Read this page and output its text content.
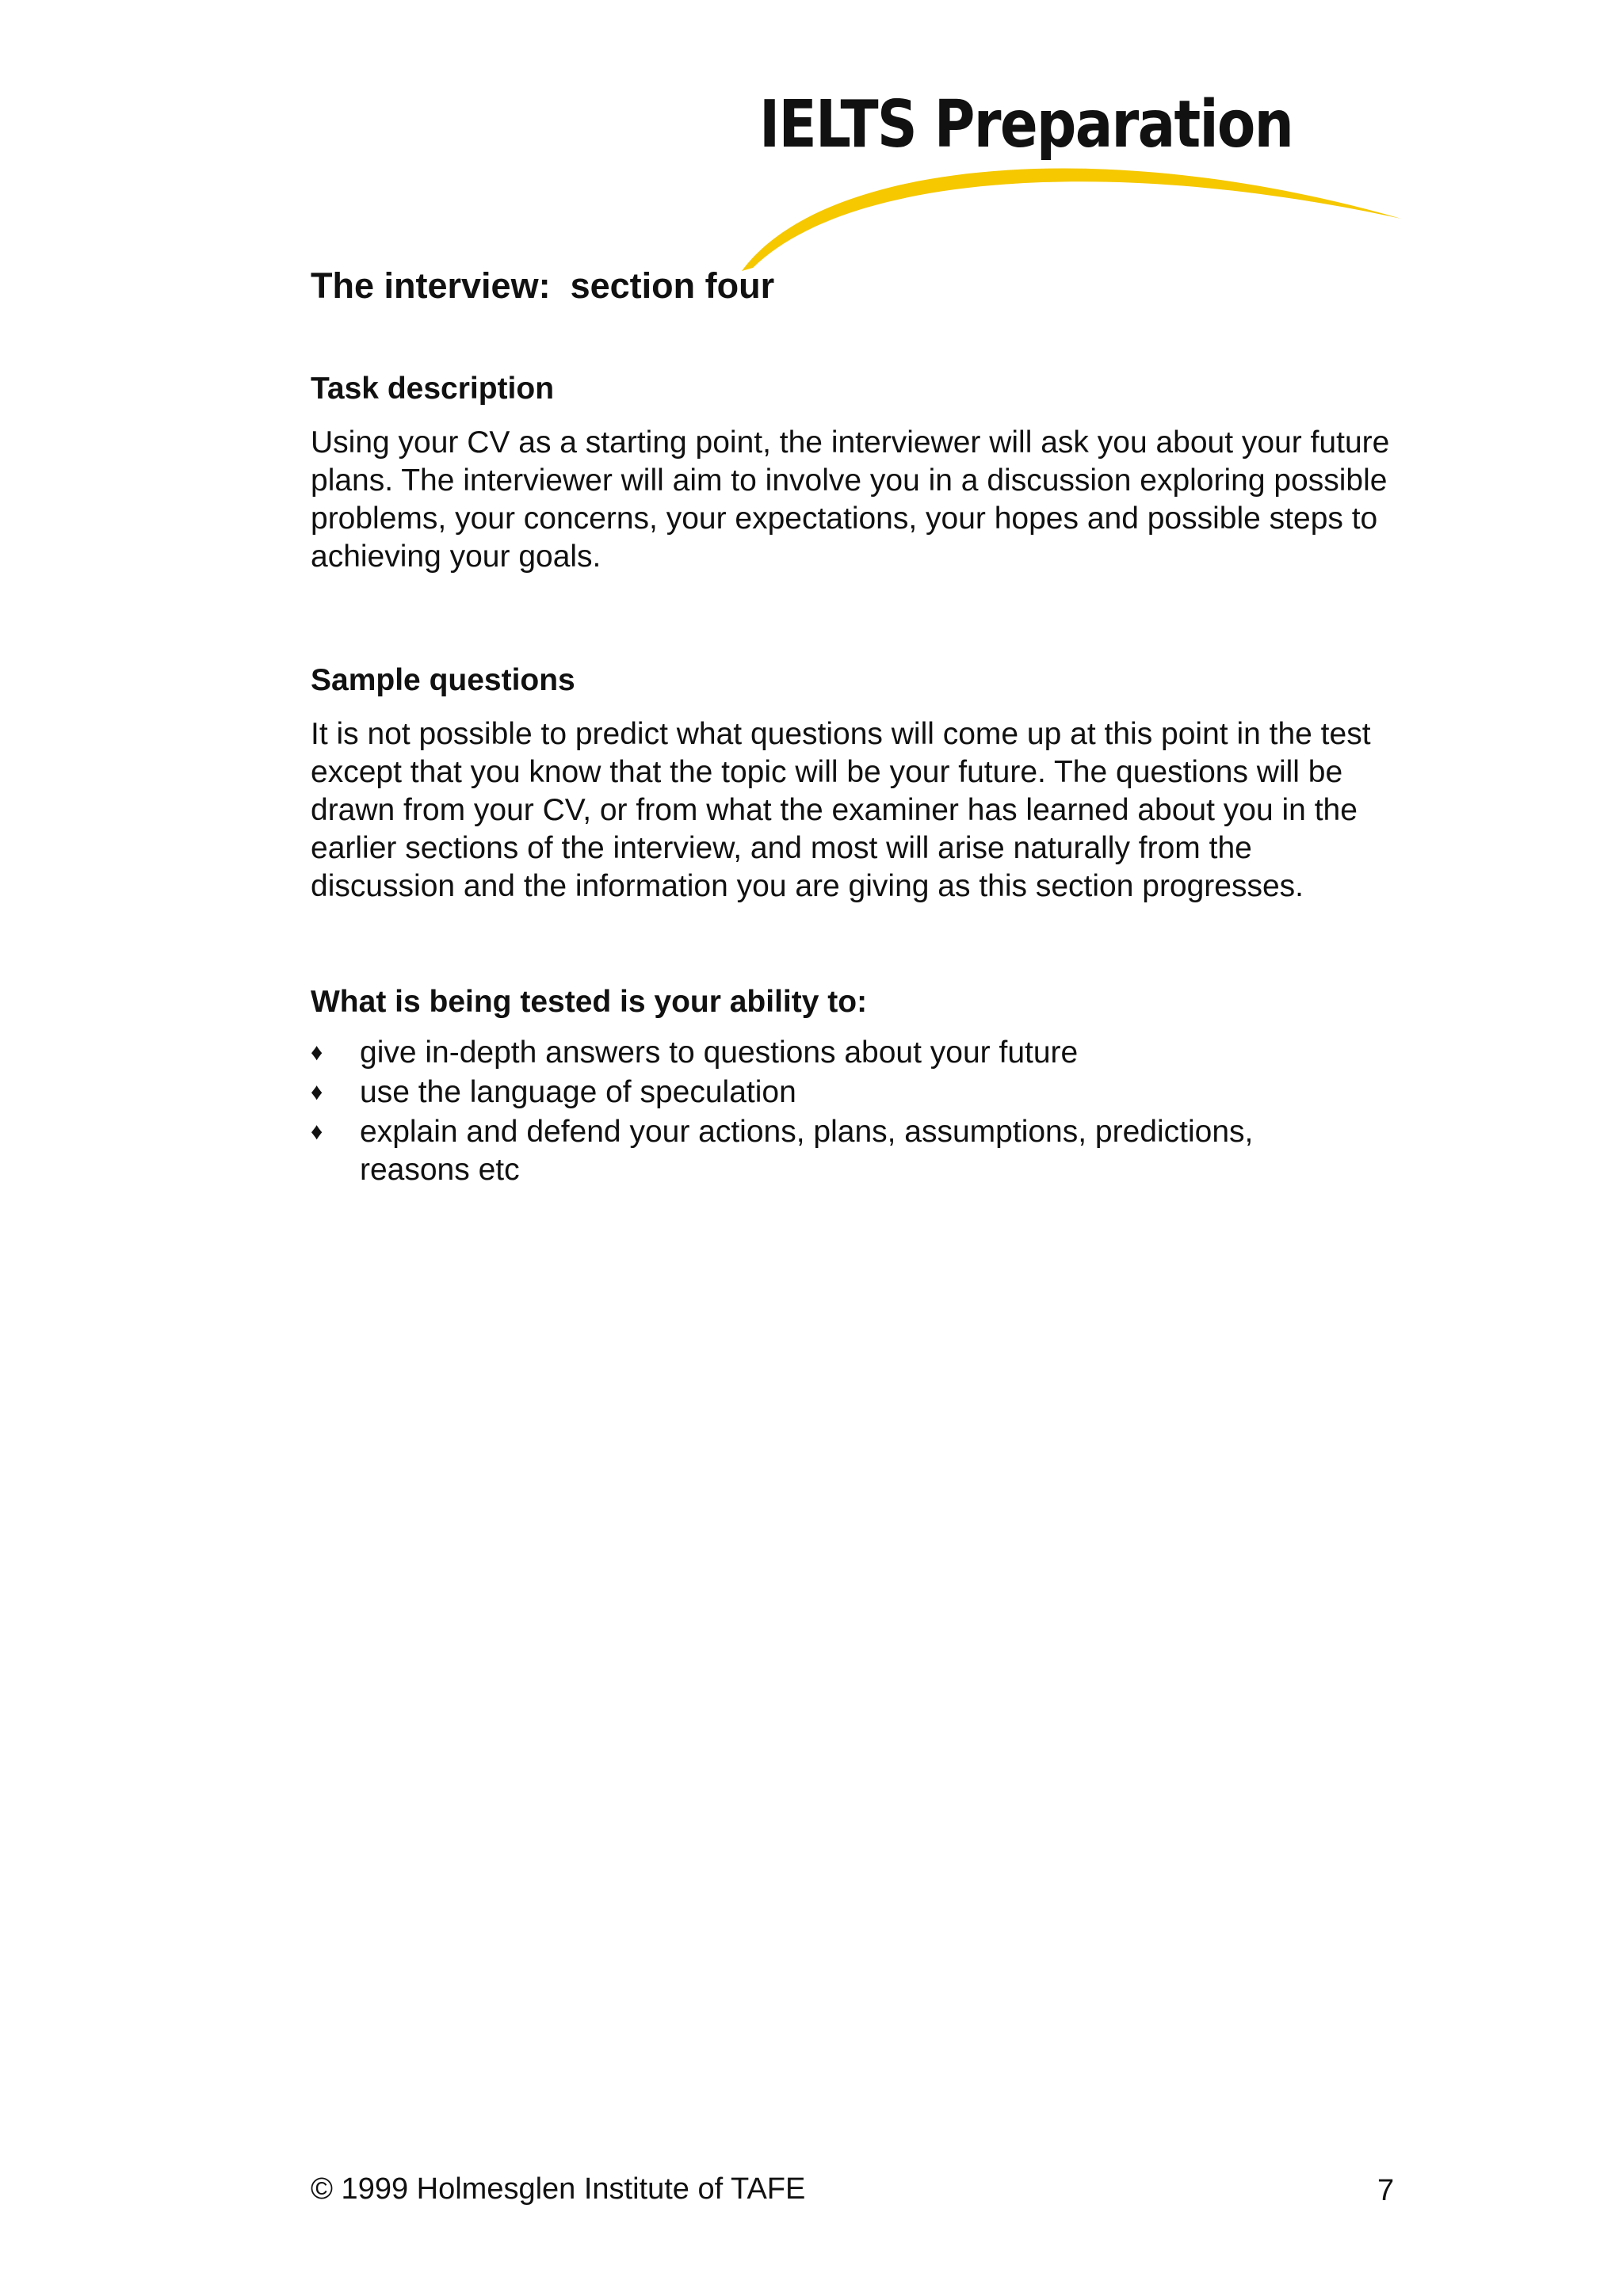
IELTS Preparation
The interview:  section four
Task description

Using your CV as a starting point, the interviewer will ask you about your future plans. The interviewer will aim to involve you in a discussion exploring possible problems, your concerns, your expectations, your hopes and possible steps to achieving your goals.

Sample questions

It is not possible to predict what questions will come up at this point in the test except that you know that the topic will be your future. The questions will be drawn from your CV, or from what the examiner has learned about you in the earlier sections of the interview, and most will arise naturally from the discussion and the information you are giving as this section progresses.

What is being tested is your ability to:
♦	give in-depth answers to questions about your future
♦	use the language of speculation
♦	explain and defend your actions, plans, assumptions, predictions, reasons etc
© 1999 Holmesglen Institute of TAFE	7
